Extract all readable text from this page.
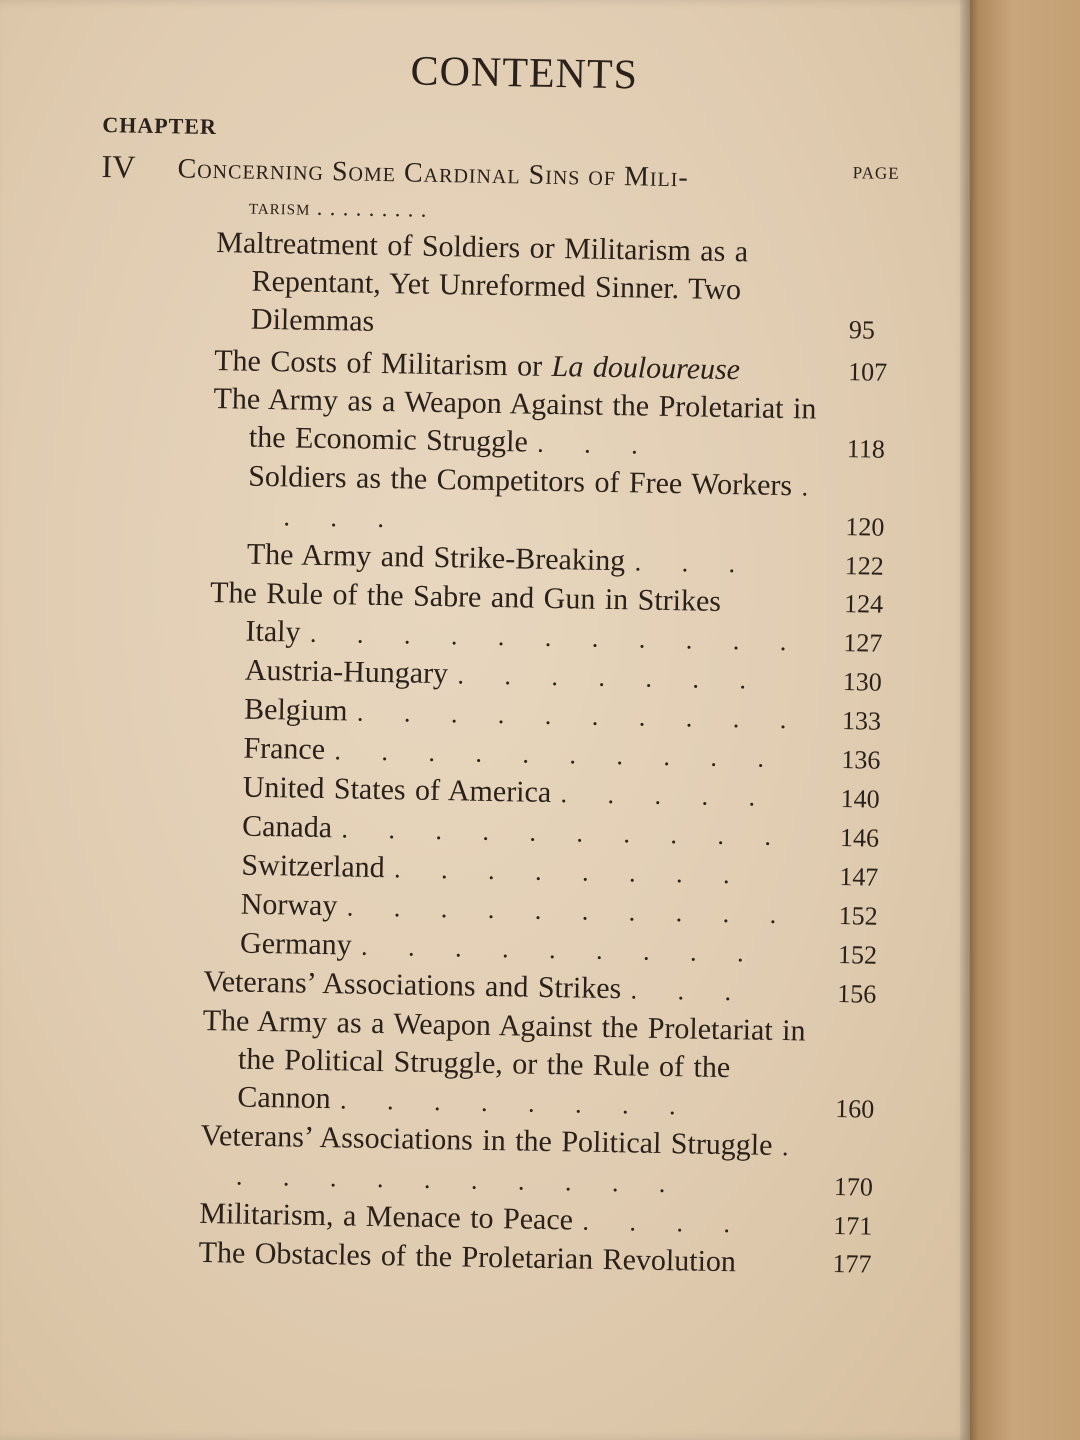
CONTENTS
CHAPTER
PAGE
IV Concerning Some Cardinal Sins of Mili-
tarism . . . . . . . . .
Maltreatment of Soldiers or Militarism as a Repentant, Yet Unreformed Sinner. Two Dilemmas	95
The Costs of Militarism or La douloureuse	107
The Army as a Weapon Against the Proletariat in the Economic Struggle . . .	118
Soldiers as the Competitors of Free Workers . . . .	120
The Army and Strike-Breaking . . .	122
The Rule of the Sabre and Gun in Strikes	124
Italy . . . . . . . . . . .	127
Austria-Hungary . . . . . . .	130
Belgium . . . . . . . . . .	133
France . . . . . . . . . .	136
United States of America . . . . .	140
Canada . . . . . . . . . .	146
Switzerland . . . . . . . .	147
Norway . . . . . . . . . .	152
Germany . . . . . . . . .	152
Veterans’ Associations and Strikes . . .	156
The Army as a Weapon Against the Proletariat in the Political Struggle, or the Rule of the Cannon . . . . . . . .	160
Veterans’ Associations in the Political Struggle . . . . . . . . . . .	170
Militarism, a Menace to Peace . . . .	171
The Obstacles of the Proletarian Revolution	177
